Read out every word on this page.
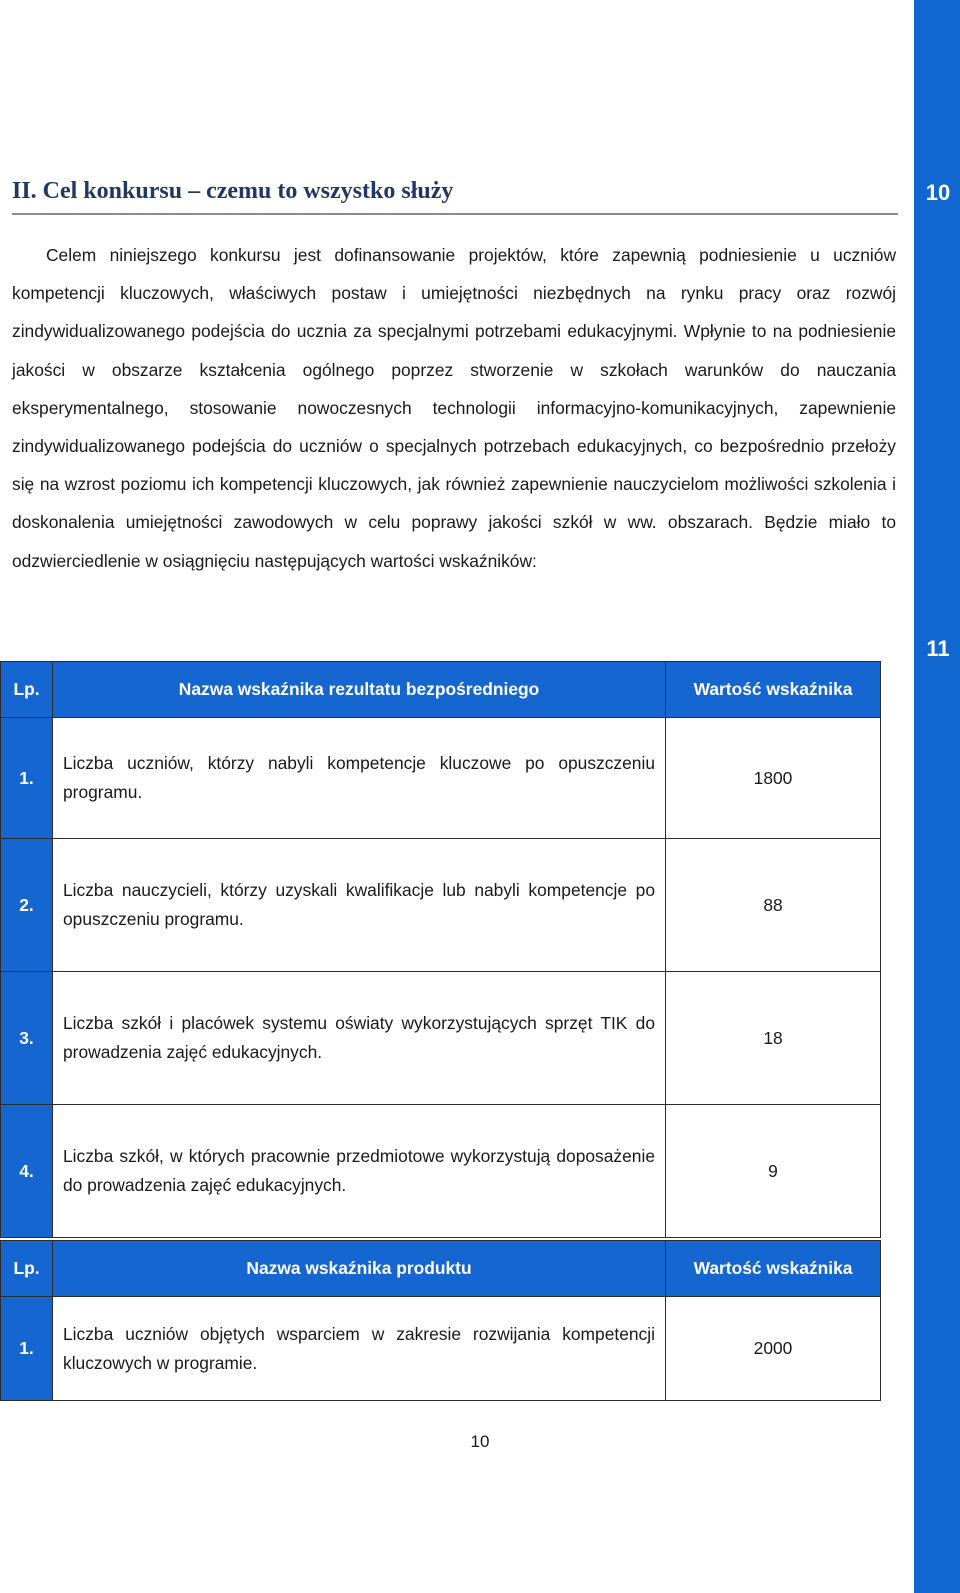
10
11
II. Cel konkursu – czemu to wszystko służy

Celem niniejszego konkursu jest dofinansowanie projektów, które zapewnią podniesienie u uczniów kompetencji kluczowych, właściwych postaw i umiejętności niezbędnych na rynku pracy oraz rozwój zindywidualizowanego podejścia do ucznia za specjalnymi potrzebami edukacyjnymi. Wpłynie to na podniesienie jakości w obszarze kształcenia ogólnego poprzez stworzenie w szkołach warunków do nauczania eksperymentalnego, stosowanie nowoczesnych technologii informacyjno-komunikacyjnych, zapewnienie zindywidualizowanego podejścia do uczniów o specjalnych potrzebach edukacyjnych, co bezpośrednio przełoży się na wzrost poziomu ich kompetencji kluczowych, jak również zapewnienie nauczycielom możliwości szkolenia i doskonalenia umiejętności zawodowych w celu poprawy jakości szkół w ww. obszarach. Będzie miało to odzwierciedlenie w osiągnięciu następujących wartości wskaźników:

Lp.	Nazwa wskaźnika rezultatu bezpośredniego	Wartość wskaźnika
1.	Liczba uczniów, którzy nabyli kompetencje kluczowe po opuszczeniu programu.	1800
2.	Liczba nauczycieli, którzy uzyskali kwalifikacje lub nabyli kompetencje po opuszczeniu programu.	88
3.	Liczba szkół i placówek systemu oświaty wykorzystujących sprzęt TIK do prowadzenia zajęć edukacyjnych.	18
4.	Liczba szkół, w których pracownie przedmiotowe wykorzystują doposażenie do prowadzenia zajęć edukacyjnych.	9
Lp.	Nazwa wskaźnika produktu	Wartość wskaźnika
1.	Liczba uczniów objętych wsparciem w zakresie rozwijania kompetencji kluczowych w programie.	2000
10
